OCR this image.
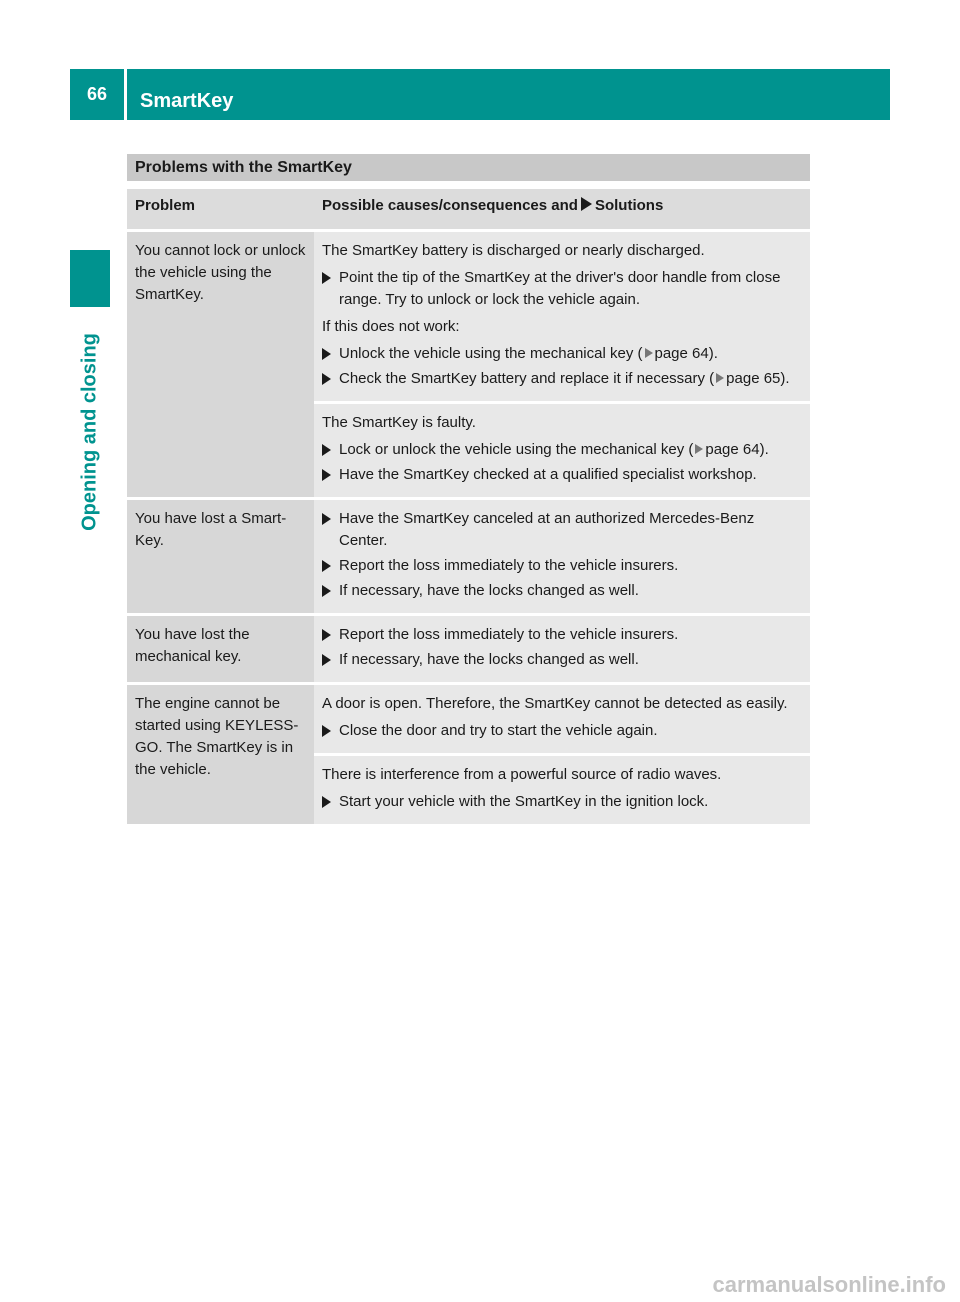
66	SmartKey
Opening and closing
Problems with the SmartKey
Problem	Possible causes/consequences and Solutions

You cannot lock or unlock the vehicle using the SmartKey.	The SmartKey battery is discharged or nearly discharged.

Point the tip of the SmartKey at the driver's door handle from close range. Try to unlock or lock the vehicle again.

If this does not work:

Unlock the vehicle using the mechanical key ( page 64).
Check the SmartKey battery and replace it if necessary ( page 65).

	The SmartKey is faulty.

Lock or unlock the vehicle using the mechanical key ( page 64).
Have the SmartKey checked at a qualified specialist workshop.

You have lost a Smart-Key.	Have the SmartKey canceled at an authorized Mercedes-Benz Center.
Report the loss immediately to the vehicle insurers.
If necessary, have the locks changed as well.

You have lost the mechanical key.	Report the loss immediately to the vehicle insurers.
If necessary, have the locks changed as well.

The engine cannot be started using KEYLESS-GO. The SmartKey is in the vehicle.	A door is open. Therefore, the SmartKey cannot be detected as easily.

Close the door and try to start the vehicle again.

	There is interference from a powerful source of radio waves.

Start your vehicle with the SmartKey in the ignition lock.
carmanualsonline.info
